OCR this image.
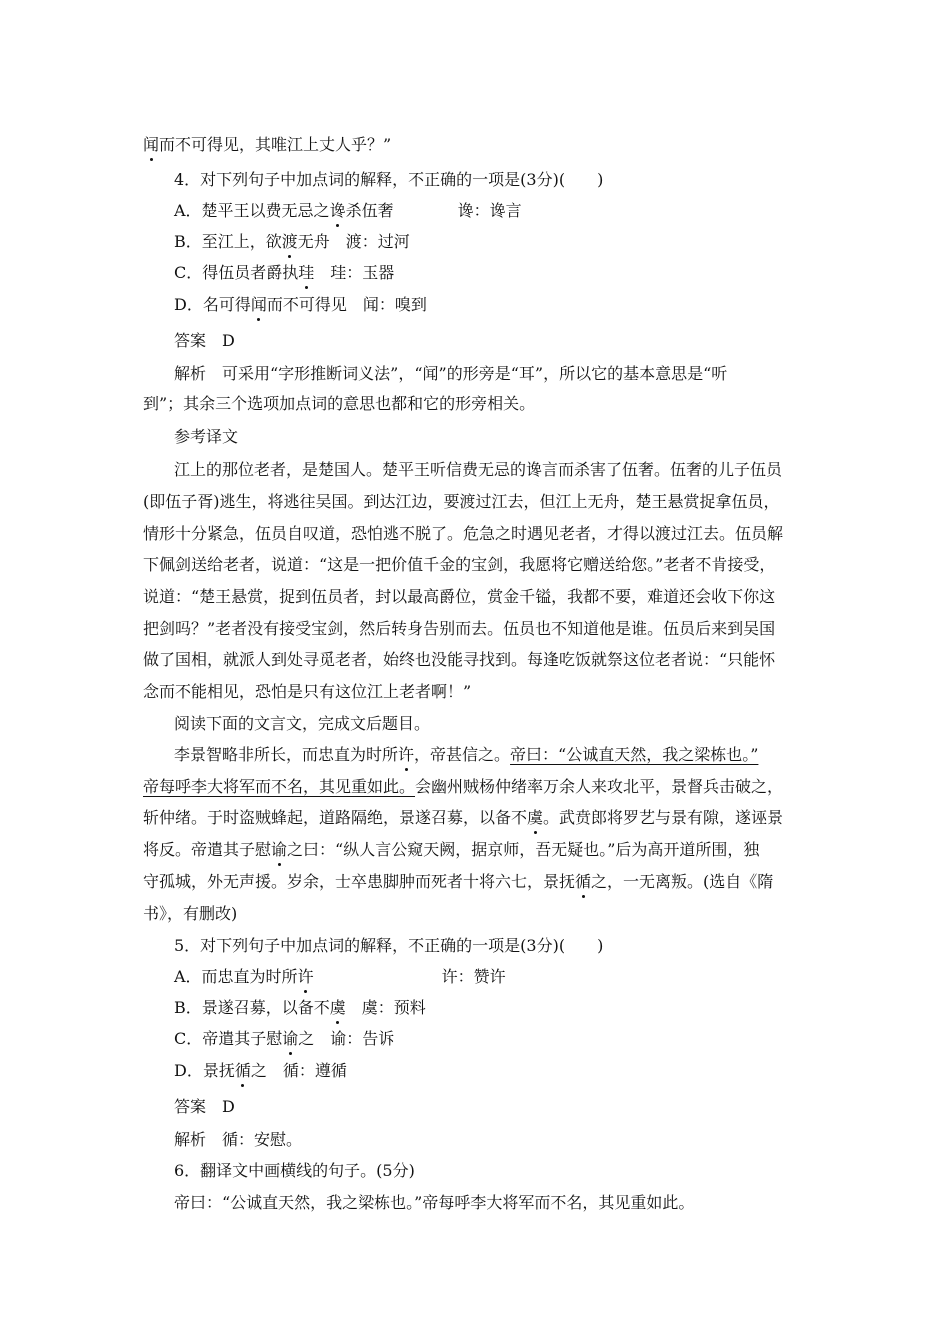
闻而不可得见，其唯江上丈人乎？”
4．对下列句子中加点词的解释，不正确的一项是(3分)(　　)
A．楚平王以费无忌之谗杀伍奢　　　　谗：谗言
B．至江上，欲渡无舟　渡：过河
C．得伍员者爵执珪　珪：玉器
D．名可得闻而不可得见　闻：嗅到
答案　D
解析　可采用“字形推断词义法”，“闻”的形旁是“耳”，所以它的基本意思是“听
到”；其余三个选项加点词的意思也都和它的形旁相关。
参考译文
江上的那位老者，是楚国人。楚平王听信费无忌的谗言而杀害了伍奢。伍奢的儿子伍员
(即伍子胥)逃生，将逃往吴国。到达江边，要渡过江去，但江上无舟，楚王悬赏捉拿伍员，
情形十分紧急，伍员自叹道，恐怕逃不脱了。危急之时遇见老者，才得以渡过江去。伍员解
下佩剑送给老者，说道：“这是一把价值千金的宝剑，我愿将它赠送给您。”老者不肯接受，
说道：“楚王悬赏，捉到伍员者，封以最高爵位，赏金千镒，我都不要，难道还会收下你这
把剑吗？”老者没有接受宝剑，然后转身告别而去。伍员也不知道他是谁。伍员后来到吴国
做了国相，就派人到处寻觅老者，始终也没能寻找到。每逢吃饭就祭这位老者说：“只能怀
念而不能相见，恐怕是只有这位江上老者啊！”
阅读下面的文言文，完成文后题目。
李景智略非所长，而忠直为时所许，帝甚信之。帝曰：“公诚直天然，我之梁栋也。”
帝每呼李大将军而不名，其见重如此。会幽州贼杨仲绪率万余人来攻北平，景督兵击破之，
斩仲绪。于时盗贼蜂起，道路隔绝，景遂召募，以备不虞。武贲郎将罗艺与景有隙，遂诬景
将反。帝遣其子慰谕之曰：“纵人言公窥天阙，据京师，吾无疑也。”后为高开道所围，独
守孤城，外无声援。岁余，士卒患脚肿而死者十将六七，景抚循之，一无离叛。(选自《隋
书》，有删改)
5．对下列句子中加点词的解释，不正确的一项是(3分)(　　)
A．而忠直为时所许　　　　　　　　许：赞许
B．景遂召募，以备不虞　虞：预料
C．帝遣其子慰谕之　谕：告诉
D．景抚循之　循：遵循
答案　D
解析　循：安慰。
6．翻译文中画横线的句子。(5分)
帝曰：“公诚直天然，我之梁栋也。”帝每呼李大将军而不名，其见重如此。
